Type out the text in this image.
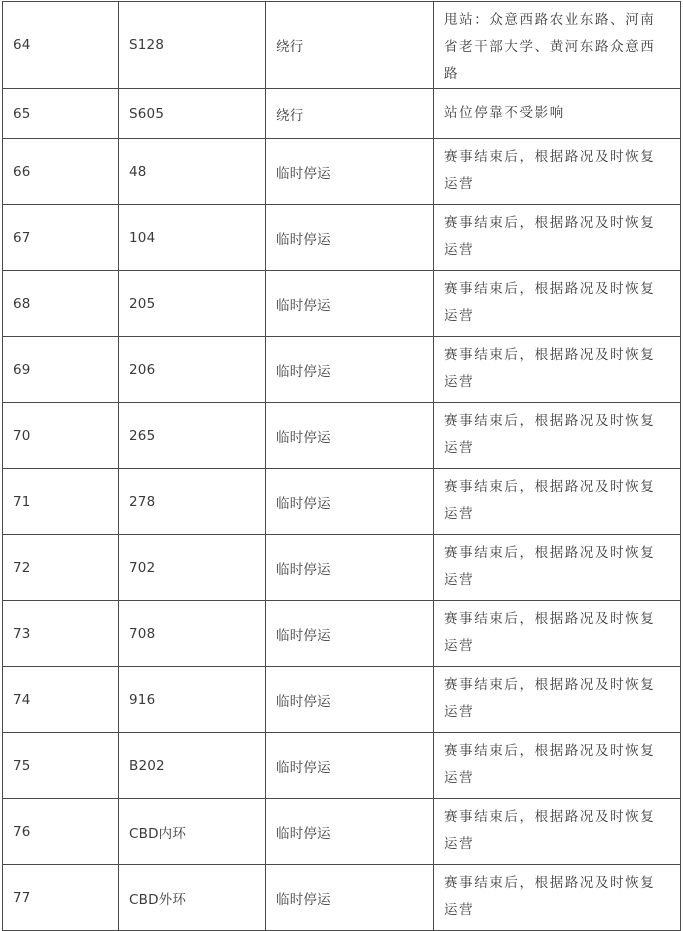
64	S128	绕行	甩站：众意西路农业东路、河南省老干部大学、黄河东路众意西路
65	S605	绕行	站位停靠不受影响
66	48	临时停运	赛事结束后，根据路况及时恢复运营
67	104	临时停运	赛事结束后，根据路况及时恢复运营
68	205	临时停运	赛事结束后，根据路况及时恢复运营
69	206	临时停运	赛事结束后，根据路况及时恢复运营
70	265	临时停运	赛事结束后，根据路况及时恢复运营
71	278	临时停运	赛事结束后，根据路况及时恢复运营
72	702	临时停运	赛事结束后，根据路况及时恢复运营
73	708	临时停运	赛事结束后，根据路况及时恢复运营
74	916	临时停运	赛事结束后，根据路况及时恢复运营
75	B202	临时停运	赛事结束后，根据路况及时恢复运营
76	CBD内环	临时停运	赛事结束后，根据路况及时恢复运营
77	CBD外环	临时停运	赛事结束后，根据路况及时恢复运营
